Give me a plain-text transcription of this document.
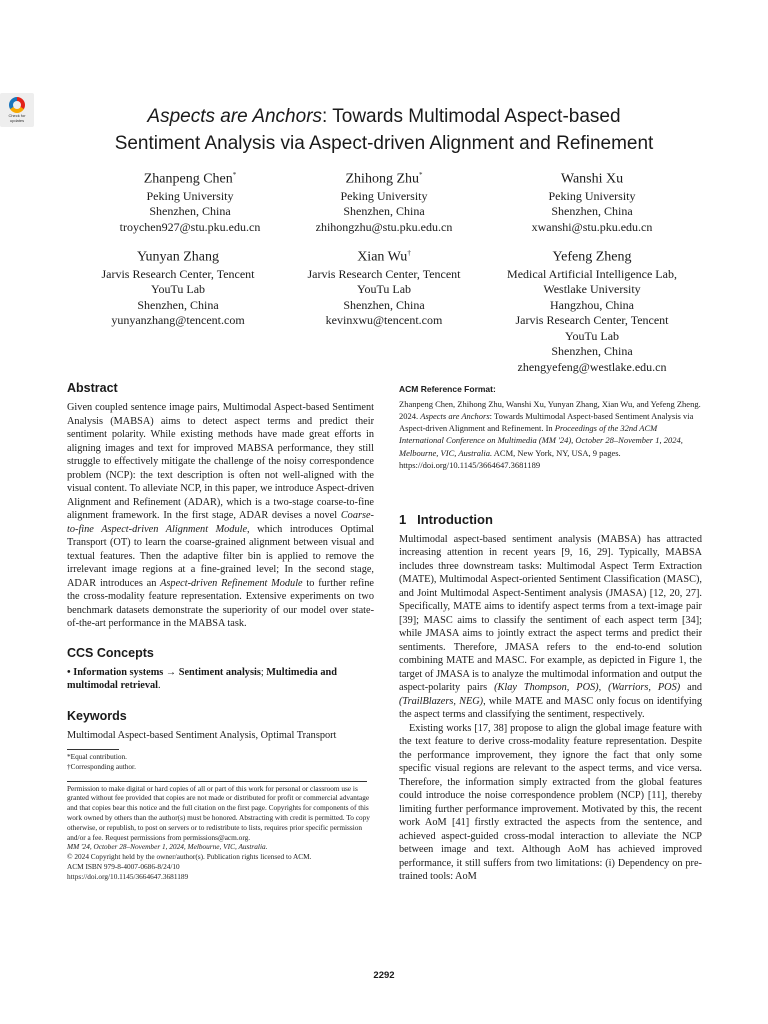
Check for
updates	Aspects are Anchors: Towards Multimodal Aspect-based
Sentiment Analysis via Aspect-driven Alignment and Refinement
Zhanpeng Chen*
Peking University
Shenzhen, China
troychen927@stu.pku.edu.cn
Zhihong Zhu*
Peking University
Shenzhen, China
zhihongzhu@stu.pku.edu.cn
Wanshi Xu
Peking University
Shenzhen, China
xwanshi@stu.pku.edu.cn
Yunyan Zhang
Jarvis Research Center, Tencent
YouTu Lab
Shenzhen, China
yunyanzhang@tencent.com
Xian Wu†
Jarvis Research Center, Tencent
YouTu Lab
Shenzhen, China
kevinxwu@tencent.com
Yefeng Zheng
Medical Artificial Intelligence Lab,
Westlake University
Hangzhou, China
Jarvis Research Center, Tencent
YouTu Lab
Shenzhen, China
zhengyefeng@westlake.edu.cn
Abstract

Given coupled sentence image pairs, Multimodal Aspect-based Sentiment Analysis (MABSA) aims to detect aspect terms and predict their sentiment polarity. While existing methods have made great efforts in aligning images and text for improved MABSA performance, they still struggle to effectively mitigate the challenge of the noisy correspondence problem (NCP): the text description is often not well-aligned with the visual content. To alleviate NCP, in this paper, we introduce Aspect-driven Alignment and Refinement (ADAR), which is a two-stage coarse-to-fine alignment framework. In the first stage, ADAR devises a novel Coarse-to-fine Aspect-driven Alignment Module, which introduces Optimal Transport (OT) to learn the coarse-grained alignment between visual and textual features. Then the adaptive filter bin is applied to remove the irrelevant image regions at a fine-grained level; In the second stage, ADAR introduces an Aspect-driven Refinement Module to further refine the cross-modality feature representation. Extensive experiments on two benchmark datasets demonstrate the superiority of our model over state-of-the-art performance in the MABSA task.

CCS Concepts

• Information systems → Sentiment analysis; Multimedia and multimodal retrieval.

Keywords

Multimodal Aspect-based Sentiment Analysis, Optimal Transport

*Equal contribution.
†Corresponding author.
Permission to make digital or hard copies of all or part of this work for personal or classroom use is granted without fee provided that copies are not made or distributed for profit or commercial advantage and that copies bear this notice and the full citation on the first page. Copyrights for components of this work owned by others than the author(s) must be honored. Abstracting with credit is permitted. To copy otherwise, or republish, to post on servers or to redistribute to lists, requires prior specific permission and/or a fee. Request permissions from permissions@acm.org.
MM '24, October 28–November 1, 2024, Melbourne, VIC, Australia.
© 2024 Copyright held by the owner/author(s). Publication rights licensed to ACM.
ACM ISBN 979-8-4007-0686-8/24/10
https://doi.org/10.1145/3664647.3681189
ACM Reference Format:

Zhanpeng Chen, Zhihong Zhu, Wanshi Xu, Yunyan Zhang, Xian Wu, and Yefeng Zheng. 2024. Aspects are Anchors: Towards Multimodal Aspect-based Sentiment Analysis via Aspect-driven Alignment and Refinement. In Proceedings of the 32nd ACM International Conference on Multimedia (MM '24), October 28–November 1, 2024, Melbourne, VIC, Australia. ACM, New York, NY, USA, 9 pages. https://doi.org/10.1145/3664647.3681189

1 Introduction

Multimodal aspect-based sentiment analysis (MABSA) has attracted increasing attention in recent years [9, 16, 29]. Typically, MABSA includes three downstream tasks: Multimodal Aspect Term Extraction (MATE), Multimodal Aspect-oriented Sentiment Classification (MASC), and Joint Multimodal Aspect-Sentiment analysis (JMASA) [12, 20, 27]. Specifically, MATE aims to identify aspect terms from a text-image pair [39]; MASC aims to classify the sentiment of each aspect term [34]; while JMASA aims to jointly extract the aspect terms and predict their sentiments. Therefore, JMASA refers to the end-to-end solution combining MATE and MASC. For example, as depicted in Figure 1, the target of JMASA is to analyze the multimodal information and output the aspect-polarity pairs (Klay Thompson, POS), (Warriors, POS) and (TrailBlazers, NEG), while MATE and MASC only focus on identifying the aspect terms and classifying the sentiment, respectively.

Existing works [17, 38] propose to align the global image feature with the text feature to derive cross-modality feature representation. Despite the performance improvement, they ignore the fact that only some specific visual regions are relevant to the aspect terms, and vice versa. Therefore, the information simply extracted from the global features could introduce the noise correspondence problem (NCP) [11], thereby limiting further performance improvement. Motivated by this, the recent work AoM [41] firstly extracted the aspects from the sentence, and achieved aspect-guided cross-modal interaction to alleviate the NCP between image and text. Although AoM has achieved improved performance, it still suffers from two limitations: (i) Dependency on pre-trained tools: AoM

2292
